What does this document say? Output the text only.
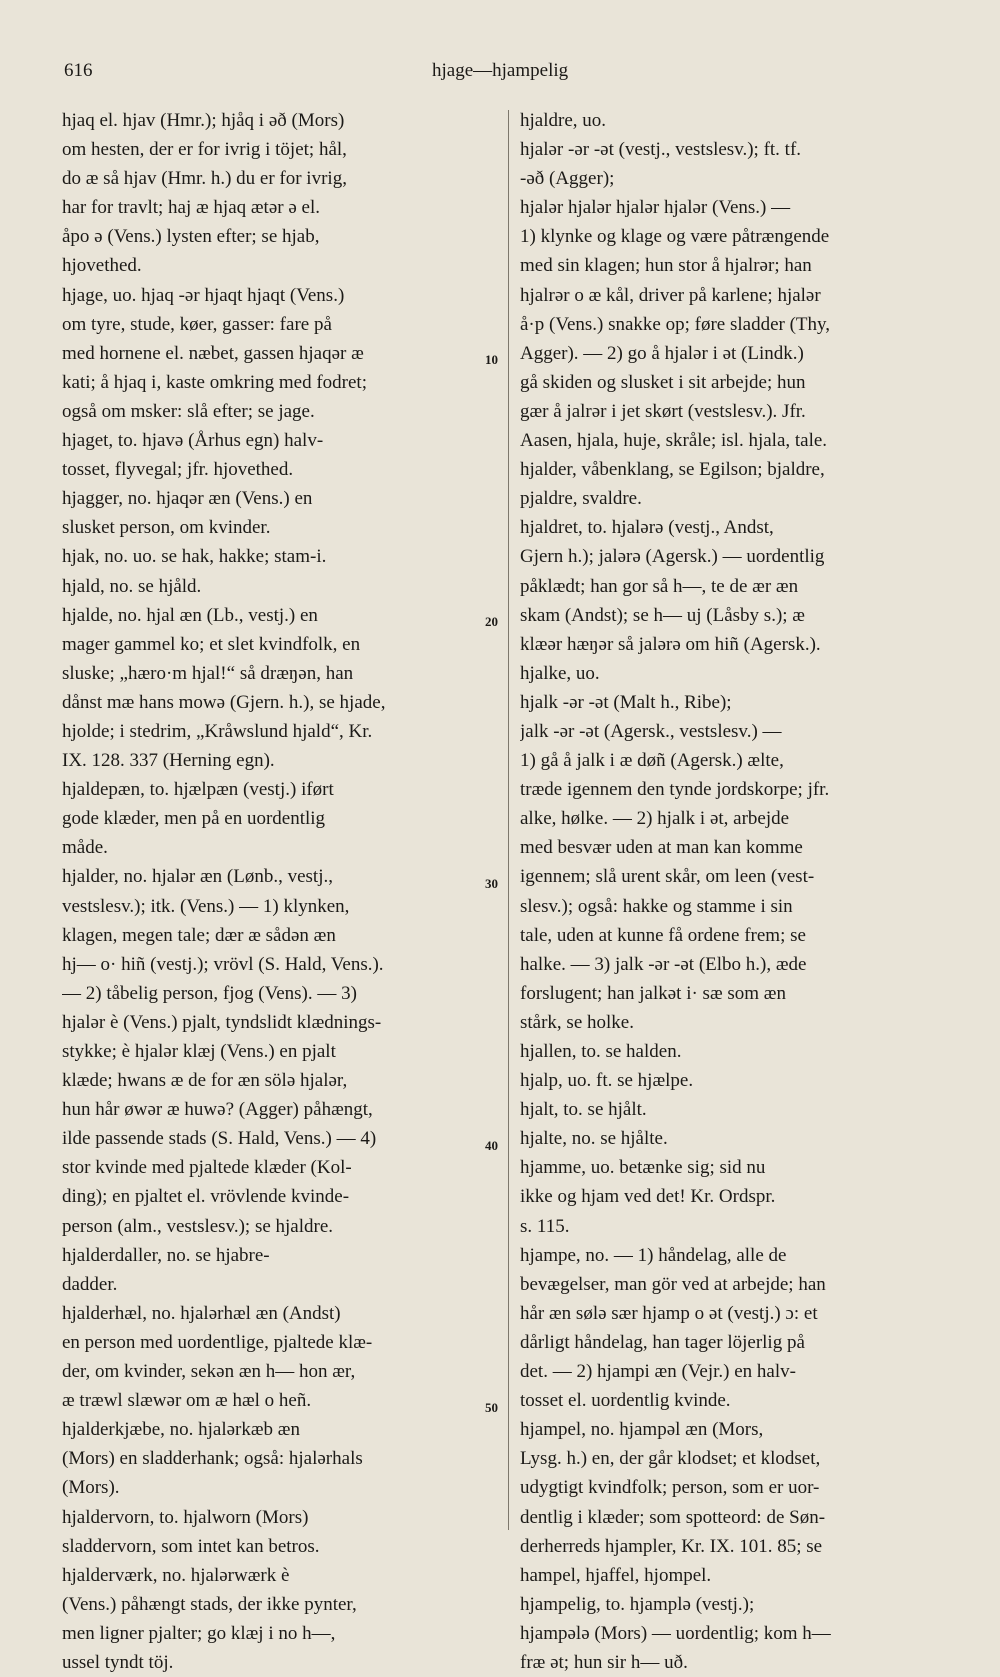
616	hjage—hjampelig
hjaq el. hjav (Hmr.); hjåq i əð (Mors)
om hesten, der er for ivrig i töjet; hål,
do æ så hjav (Hmr. h.) du er for ivrig,
har for travlt; haj æ hjaq ætər ə el.
åpo ə (Vens.) lysten efter; se hjab,
hjovethed.
hjage, uo. hjaq -ər hjaqt hjaqt (Vens.)
om tyre, stude, køer, gasser: fare på
med hornene el. næbet, gassen hjaqər æ
kati; å hjaq i, kaste omkring med fodret;
også om msker: slå efter; se jage.
hjaget, to. hjavə (Århus egn) halv-
tosset, flyvegal; jfr. hjovethed.
hjagger, no. hjaqər æn (Vens.) en
slusket person, om kvinder.
hjak, no. uo. se hak, hakke; stam-i.
hjald, no. se hjåld.
hjalde, no. hjal æn (Lb., vestj.) en
mager gammel ko; et slet kvindfolk, en
sluske; „hæro·m hjal!“ så dræŋən, han
dånst mæ hans mowə (Gjern. h.), se hjade,
hjolde; i stedrim, „Kråwslund hjald“, Kr.
IX. 128. 337 (Herning egn).
hjaldepæn, to. hjælpæn (vestj.) iført
gode klæder, men på en uordentlig
måde.
hjalder, no. hjalər æn (Lønb., vestj.,
vestslesv.); itk. (Vens.) — 1) klynken,
klagen, megen tale; dær æ sådən æn
hj— o· hiñ (vestj.); vrövl (S. Hald, Vens.).
— 2) tåbelig person, fjog (Vens). — 3)
hjalər è (Vens.) pjalt, tyndslidt klædnings-
stykke; è hjalər klæj (Vens.) en pjalt
klæde; hwans æ de for æn sölə hjalər,
hun hår øwər æ huwə? (Agger) påhængt,
ilde passende stads (S. Hald, Vens.) — 4)
stor kvinde med pjaltede klæder (Kol-
ding); en pjaltet el. vrövlende kvinde-
person (alm., vestslesv.); se hjaldre.
hjalderdaller, no. se hjabre-
dadder.
hjalderhæl, no. hjalərhæl æn (Andst)
en person med uordentlige, pjaltede klæ-
der, om kvinder, sekən æn h— hon ær,
æ træwl slæwər om æ hæl o heñ.
hjalderkjæbe, no. hjalərkæb æn
(Mors) en sladderhank; også: hjalərhals
(Mors).
hjaldervorn, to. hjalworn (Mors)
sladdervorn, som intet kan betros.
hjalderværk, no. hjalərwærk è
(Vens.) påhængt stads, der ikke pynter,
men ligner pjalter; go klæj i no h—,
ussel tyndt töj.
hjaldre, uo.
hjalər -ər -ət (vestj., vestslesv.); ft. tf.
-əð (Agger);
hjalər hjalər hjalər hjalər (Vens.) —
1) klynke og klage og være påtrængende
med sin klagen; hun stor å hjalrər; han
hjalrər o æ kål, driver på karlene; hjalər
å·p (Vens.) snakke op; føre sladder (Thy,
Agger). — 2) go å hjalər i ət (Lindk.)
gå skiden og slusket i sit arbejde; hun
gær å jalrər i jet skørt (vestslesv.). Jfr.
Aasen, hjala, huje, skråle; isl. hjala, tale.
hjalder, våbenklang, se Egilson; bjaldre,
pjaldre, svaldre.
hjaldret, to. hjalərə (vestj., Andst,
Gjern h.); jalərə (Agersk.) — uordentlig
påklædt; han gor så h—, te de ær æn
skam (Andst); se h— uj (Låsby s.); æ
klæər hæŋər så jalərə om hiñ (Agersk.).
hjalke, uo.
hjalk -ər -ət (Malt h., Ribe);
jalk -ər -ət (Agersk., vestslesv.) —
1) gå å jalk i æ døñ (Agersk.) ælte,
træde igennem den tynde jordskorpe; jfr.
alke, hølke. — 2) hjalk i ət, arbejde
med besvær uden at man kan komme
igennem; slå urent skår, om leen (vest-
slesv.); også: hakke og stamme i sin
tale, uden at kunne få ordene frem; se
halke. — 3) jalk -ər -ət (Elbo h.), æde
forslugent; han jalkət i· sæ som æn
stårk, se holke.
hjallen, to. se halden.
hjalp, uo. ft. se hjælpe.
hjalt, to. se hjålt.
hjalte, no. se hjålte.
hjamme, uo. betænke sig; sid nu
ikke og hjam ved det! Kr. Ordspr.
s. 115.
hjampe, no. — 1) håndelag, alle de
bevægelser, man gör ved at arbejde; han
hår æn sølə sær hjamp o ət (vestj.) ɔ: et
dårligt håndelag, han tager löjerlig på
det. — 2) hjampi æn (Vejr.) en halv-
tosset el. uordentlig kvinde.
hjampel, no. hjampəl æn (Mors,
Lysg. h.) en, der går klodset; et klodset,
udygtigt kvindfolk; person, som er uor-
dentlig i klæder; som spotteord: de Søn-
derherreds hjampler, Kr. IX. 101. 85; se
hampel, hjaffel, hjompel.
hjampelig, to. hjamplə (vestj.);
hjampələ (Mors) — uordentlig; kom h—
fræ ət; hun sir h— uð.
10
20
30
40
50
